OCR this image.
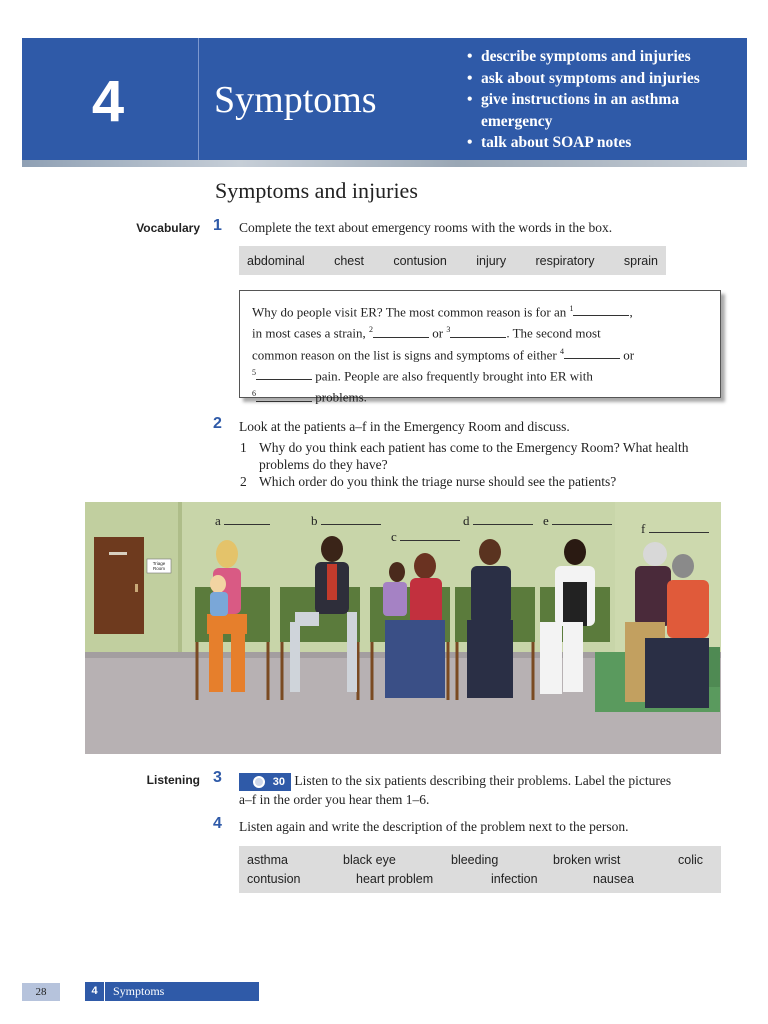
4	Symptoms
• describe symptoms and injuries
• ask about symptoms and injuries
• give instructions in an asthma emergency
• talk about SOAP notes
Symptoms and injuries
Vocabulary 1 Complete the text about emergency rooms with the words in the box.
abdominal chest contusion injury respiratory sprain
Why do people visit ER? The most common reason is for an $^1$	,
in most cases a strain, $^2$	or $^3$	. The second most
common reason on the list is signs and symptoms of either $^4$	or
$^5$	pain. People are also frequently brought into ER with
$^6$	problems.
2 Look at the patients a–f in the Emergency Room and discuss.
1 Why do you think each patient has come to the Emergency Room? What health problems do they have?
2 Which order do you think the triage nurse should see the patients?
Triage
Room
a	b
c
d	e
f
Listening 3	30 Listen to the six patients describing their problems. Label the pictures
a–f in the order you hear them 1–6.
4 Listen again and write the description of the problem next to the person.
asthma	black eye	bleeding	broken wrist	colic
contusion	heart problem	infection	nausea
28	4	Symptoms
